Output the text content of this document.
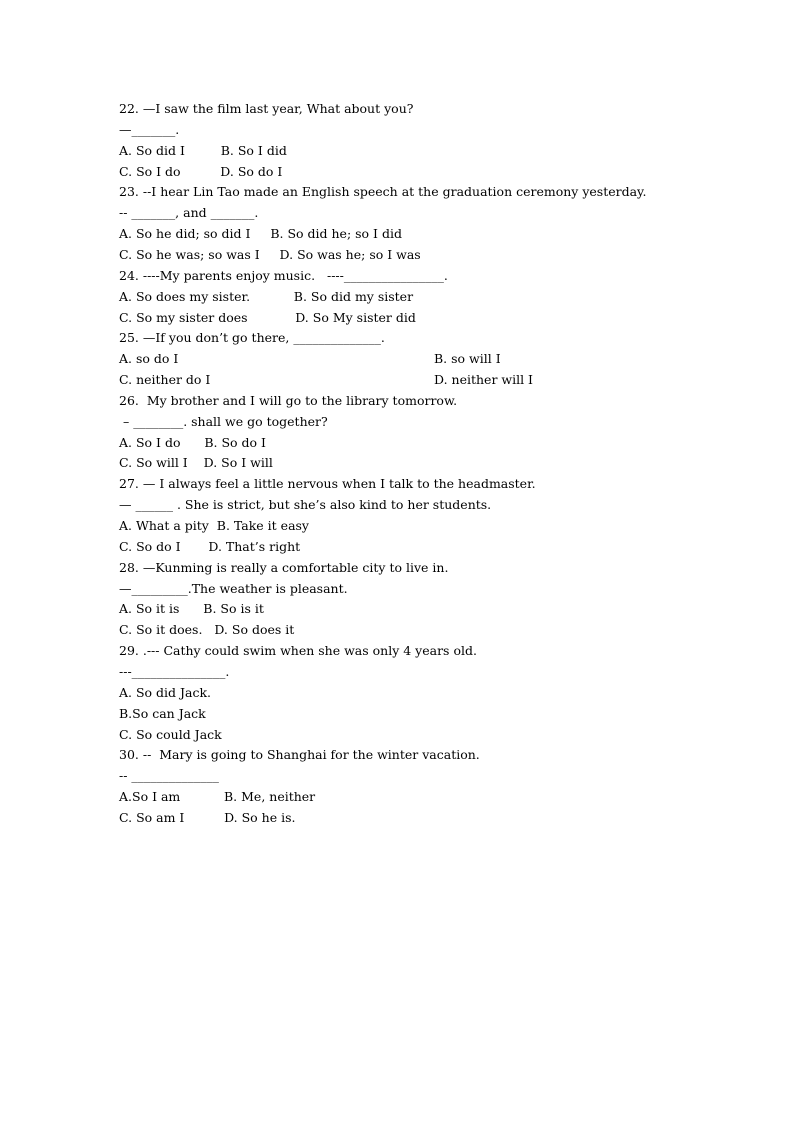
22. —I saw the film last year, What about you?
—_______.
A. So did I         B. So I did
C. So I do          D. So do I
23. --I hear Lin Tao made an English speech at the graduation ceremony yesterday.
-- _______, and _______.
A. So he did; so did I     B. So did he; so I did
C. So he was; so was I     D. So was he; so I was
24. ----My parents enjoy music.   ----________________.
A. So does my sister.           B. So did my sister
C. So my sister does            D. So My sister did
25. —If you don’t go there, ______________.
A. so do I
C. neither do I
26.  My brother and I will go to the library tomorrow.
– ________. shall we go together?
A. So I do      B. So do I
C. So will I    D. So I will
27. — I always feel a little nervous when I talk to the headmaster.
— ______ . She is strict, but she’s also kind to her students.
A. What a pity  B. Take it easy
C. So do I       D. That’s right
28. —Kunming is really a comfortable city to live in.
—_________.The weather is pleasant.
A. So it is      B. So is it
C. So it does.   D. So does it
29. .--- Cathy could swim when she was only 4 years old.
---_______________.
A. So did Jack.
B.So can Jack
C. So could Jack
30. --  Mary is going to Shanghai for the winter vacation.
-- ______________
A.So I am           B. Me, neither
C. So am I          D. So he is.
B. so will I
D. neither will I
